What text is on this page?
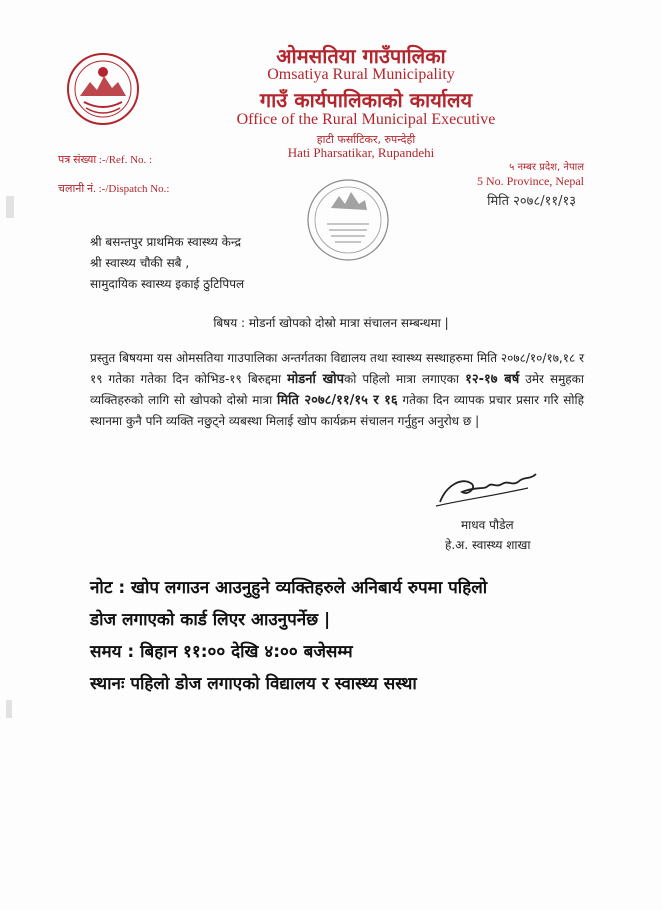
ओमसतिया गाउँपालिका
Omsatiya Rural Municipality
गाउँ कार्यपालिकाको कार्यालय
Office of the Rural Municipal Executive
हाटी फर्साटिकर, रुपन्देही
Hati Pharsatikar, Rupandehi
पत्र संख्या :-/Ref. No. :
चलानी नं. :-/Dispatch No.:
५ नम्बर प्रदेश, नेपाल
5 No. Province, Nepal
मिति २०७८/११/१३
श्री बसन्तपुर प्राथमिक स्वास्थ्य केन्द्र
श्री स्वास्थ्य चौकी सबै ,
सामुदायिक स्वास्थ्य इकाई ठुटिपिपल
बिषय : मोडर्ना खोपको दोस्रो मात्रा संचालन सम्बन्धमा |
प्रस्तुत बिषयमा यस ओमसतिया गाउपालिका अन्तर्गतका विद्यालय तथा स्वास्थ्य सस्थाहरुमा मिति २०७८/१०/१७,१८ र १९ गतेका गतेका दिन कोभिड-१९ बिरुद्दमा मोडर्ना खोपको पहिलो मात्रा लगाएका १२-१७ बर्ष उमेर समुहका व्यक्तिहरुको लागि सो खोपको दोस्रो मात्रा मिति २०७८/११/१५ र १६ गतेका दिन व्यापक प्रचार प्रसार गरि सोहि स्थानमा कुनै पनि व्यक्ति नछुट्ने व्यबस्था मिलाई खोप कार्यक्रम संचालन गर्नुहुन अनुरोध छ |
माधव पौडेल
हे.अ. स्वास्थ्य शाखा
नोट : खोप लगाउन आउनुहुने व्यक्तिहरुले अनिबार्य रुपमा पहिलो
डोज लगाएको कार्ड लिएर आउनुपर्नेछ |
समय : बिहान ११:०० देखि ४:०० बजेसम्म
स्थानः पहिलो डोज लगाएको विद्यालय र स्वास्थ्य सस्था
